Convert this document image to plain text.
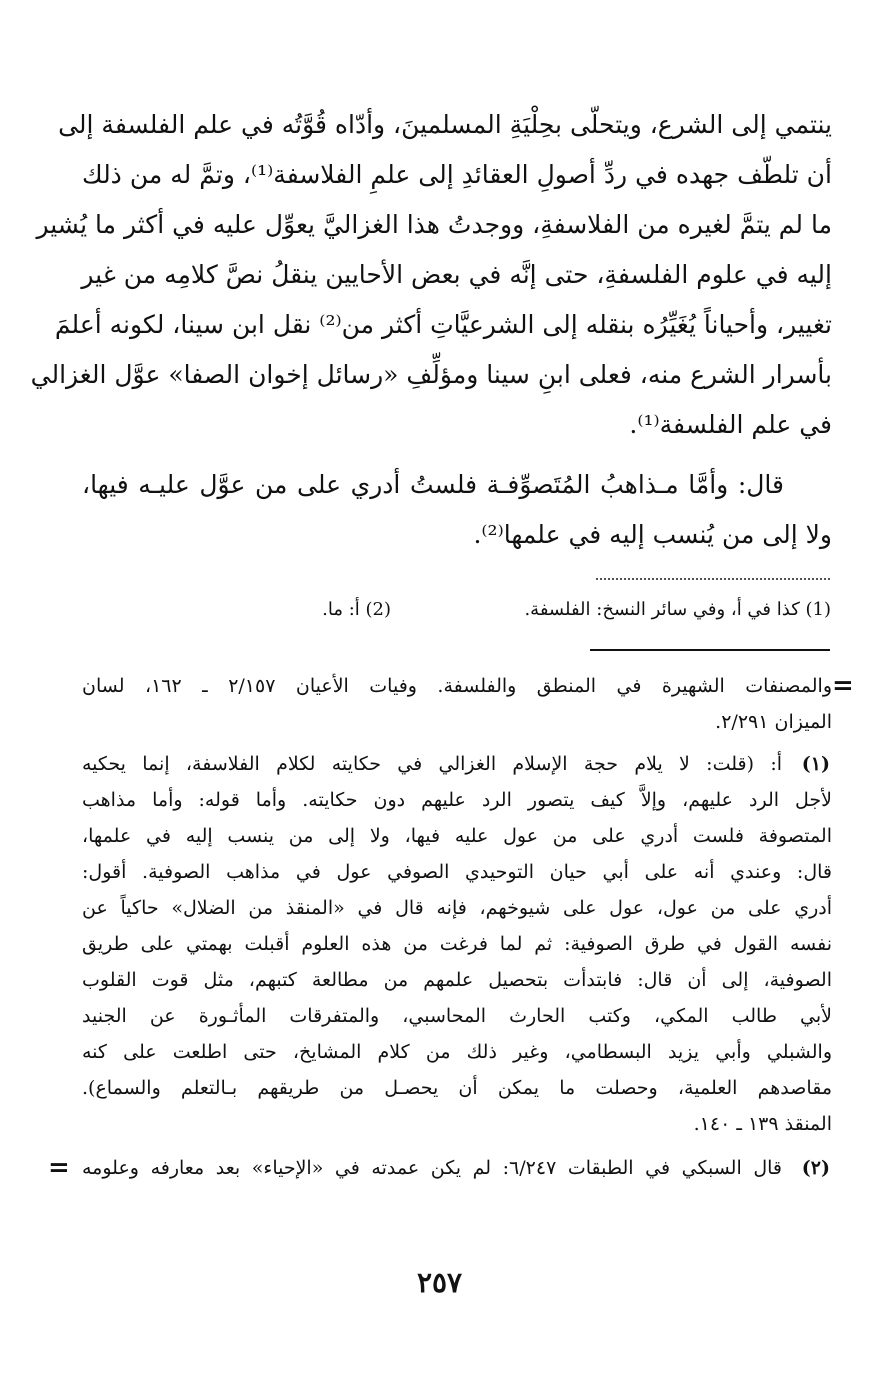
ينتمي إلى الشرع، ويتحلّى بحِلْيَةِ المسلمينَ، وأدّاه قُوَّتُه في علم الفلسفة إلى
أن تلطّف جهده في ردِّ أصولِ العقائدِ إلى علمِ الفلاسفة⁽¹⁾، وتمَّ له من ذلك
ما لم يتمَّ لغيره من الفلاسفةِ، ووجدتُ هذا الغزاليَّ يعوِّل عليه في أكثر ما يُشير
إليه في علوم الفلسفةِ، حتى إنَّه في بعض الأحايين ينقلُ نصَّ كلامِه من غير
تغيير، وأحياناً يُغَيِّرُه بنقله إلى الشرعيَّاتِ أكثر من⁽²⁾ نقل ابن سينا، لكونه أعلمَ
بأسرار الشرع منه، فعلى ابنِ سينا ومؤلِّفِ «رسائل إخوان الصفا» عوَّل الغزالي
في علم الفلسفة⁽¹⁾.
قال: وأمَّا مـذاهبُ المُتَصوِّفـة فلستُ أدري على من عوَّل عليـه فيها،
ولا إلى من يُنسب إليه في علمها⁽²⁾.
(1) كذا في أ، وفي سائر النسخ: الفلسفة.
(2) أ: ما.
=
والمصنفات الشهيرة في المنطق والفلسفة. وفيات الأعيان ٢/١٥٧ ـ ١٦٢، لسان
الميزان ٢/٢٩١.
(١)
أ: (قلت: لا يلام حجة الإسلام الغزالي في حكايته لكلام الفلاسفة، إنما يحكيه
لأجل الرد عليهم، وإلاَّ كيف يتصور الرد عليهم دون حكايته. وأما قوله: وأما مذاهب
المتصوفة فلست أدري على من عول عليه فيها، ولا إلى من ينسب إليه في علمها،
قال: وعندي أنه على أبي حيان التوحيدي الصوفي عول في مذاهب الصوفية. أقول:
أدري على من عول، عول على شيوخهم، فإنه قال في «المنقذ من الضلال» حاكياً عن
نفسه القول في طرق الصوفية: ثم لما فرغت من هذه العلوم أقبلت بهمتي على طريق
الصوفية، إلى أن قال: فابتدأت بتحصيل علمهم من مطالعة كتبهم، مثل قوت القلوب
لأبي طالب المكي، وكتب الحارث المحاسبي، والمتفرقات المأثـورة عن الجنيد
والشبلي وأبي يزيد البسطامي، وغير ذلك من كلام المشايخ، حتى اطلعت على كنه
مقاصدهم العلمية، وحصلت ما يمكن أن يحصـل من طريقهم بـالتعلم والسماع).
المنقذ ١٣٩ ـ ١٤٠.
(٢)
قال السبكي في الطبقات ٦/٢٤٧: لم يكن عمدته في «الإحياء» بعد معارفه وعلومه
=
٢٥٧
